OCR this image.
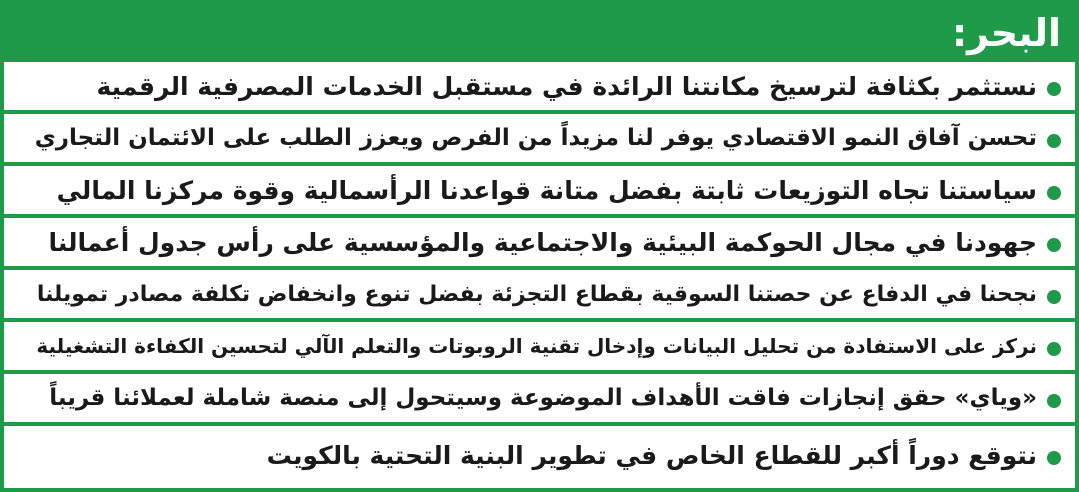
البحر:
نستثمر بكثافة لترسيخ مكانتنا الرائدة في مستقبل الخدمات المصرفية الرقمية
تحسن آفاق النمو الاقتصادي يوفر لنا مزيداً من الفرص ويعزز الطلب على الائتمان التجاري
سياستنا تجاه التوزيعات ثابتة بفضل متانة قواعدنا الرأسمالية وقوة مركزنا المالي
جهودنا في مجال الحوكمة البيئية والاجتماعية والمؤسسية على رأس جدول أعمالنا
نجحنا في الدفاع عن حصتنا السوقية بقطاع التجزئة بفضل تنوع وانخفاض تكلفة مصادر تمويلنا
نركز على الاستفادة من تحليل البيانات وإدخال تقنية الروبوتات والتعلم الآلي لتحسين الكفاءة التشغيلية
«وياي» حقق إنجازات فاقت الأهداف الموضوعة وسيتحول إلى منصة شاملة لعملائنا قريباً
نتوقع دوراً أكبر للقطاع الخاص في تطوير البنية التحتية بالكويت
